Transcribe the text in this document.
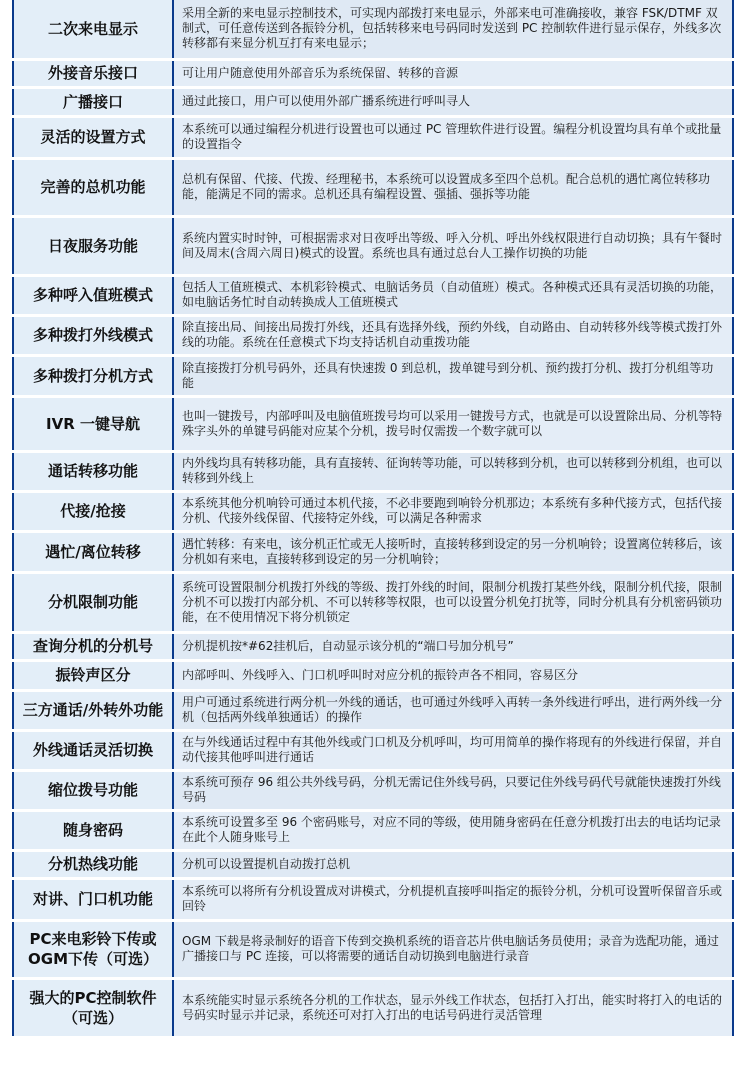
二次来电显示	采用全新的来电显示控制技术，可实现内部拨打来电显示，外部来电可准确接收，兼容 FSK/DTMF 双制式，可任意传送到各振铃分机，包括转移来电号码同时发送到 PC 控制软件进行显示保存，外线多次转移都有来显分机互打有来电显示；
外接音乐接口	可让用户随意使用外部音乐为系统保留、转移的音源
广播接口	通过此接口，用户可以使用外部广播系统进行呼叫寻人
灵活的设置方式	本系统可以通过编程分机进行设置也可以通过 PC 管理软件进行设置。编程分机设置均具有单个或批量的设置指令
完善的总机功能	总机有保留、代接、代拨、经理秘书，本系统可以设置成多至四个总机。配合总机的遇忙离位转移功能，能满足不同的需求。总机还具有编程设置、强插、强拆等功能
日夜服务功能	系统内置实时时钟，可根据需求对日夜呼出等级、呼入分机、呼出外线权限进行自动切换；具有午餐时间及周末(含周六周日)模式的设置。系统也具有通过总台人工操作切换的功能
多种呼入值班模式	包括人工值班模式、本机彩铃模式、电脑话务员（自动值班）模式。各种模式还具有灵活切换的功能，如电脑话务忙时自动转换成人工值班模式
多种拨打外线模式	除直接出局、间接出局拨打外线，还具有选择外线，预约外线，自动路由、自动转移外线等模式拨打外线的功能。系统在任意模式下均支持话机自动重拨功能
多种拨打分机方式	除直接拨打分机号码外，还具有快速拨 0 到总机，拨单键号到分机、预约拨打分机、拨打分机组等功能
IVR 一键导航	也叫一键拨号，内部呼叫及电脑值班拨号均可以采用一键拨号方式，也就是可以设置除出局、分机等特殊字头外的单键号码能对应某个分机，拨号时仅需拨一个数字就可以
通话转移功能	内外线均具有转移功能，具有直接转、征询转等功能，可以转移到分机，也可以转移到分机组，也可以转移到外线上
代接/抢接	本系统其他分机响铃可通过本机代接，不必非要跑到响铃分机那边；本系统有多种代接方式，包括代接分机、代接外线保留、代接特定外线，可以满足各种需求
遇忙/离位转移	遇忙转移：有来电，该分机正忙或无人接听时，直接转移到设定的另一分机响铃；设置离位转移后，该分机如有来电，直接转移到设定的另一分机响铃；
分机限制功能	系统可设置限制分机拨打外线的等级、拨打外线的时间，限制分机拨打某些外线，限制分机代接，限制分机不可以拨打内部分机、不可以转移等权限，也可以设置分机免打扰等，同时分机具有分机密码锁功能，在不使用情况下将分机锁定
查询分机的分机号	分机提机按*#62挂机后，自动显示该分机的“端口号加分机号”
振铃声区分	内部呼叫、外线呼入、门口机呼叫时对应分机的振铃声各不相同，容易区分
三方通话/外转外功能	用户可通过系统进行两分机一外线的通话，也可通过外线呼入再转一条外线进行呼出，进行两外线一分机（包括两外线单独通话）的操作
外线通话灵活切换	在与外线通话过程中有其他外线或门口机及分机呼叫，均可用简单的操作将现有的外线进行保留，并自动代接其他呼叫进行通话
缩位拨号功能	本系统可预存 96 组公共外线号码，分机无需记住外线号码，只要记住外线号码代号就能快速拨打外线号码
随身密码	本系统可设置多至 96 个密码账号，对应不同的等级，使用随身密码在任意分机拨打出去的电话均记录在此个人随身账号上
分机热线功能	分机可以设置提机自动拨打总机
对讲、门口机功能	本系统可以将所有分机设置成对讲模式，分机提机直接呼叫指定的振铃分机，分机可设置听保留音乐或回铃
PC来电彩铃下传或OGM下传（可选）	OGM 下载是将录制好的语音下传到交换机系统的语音芯片供电脑话务员使用；录音为选配功能，通过广播接口与 PC 连接，可以将需要的通话自动切换到电脑进行录音
强大的PC控制软件（可选）	本系统能实时显示系统各分机的工作状态，显示外线工作状态，包括打入打出，能实时将打入的电话的号码实时显示并记录，系统还可对打入打出的电话号码进行灵活管理
